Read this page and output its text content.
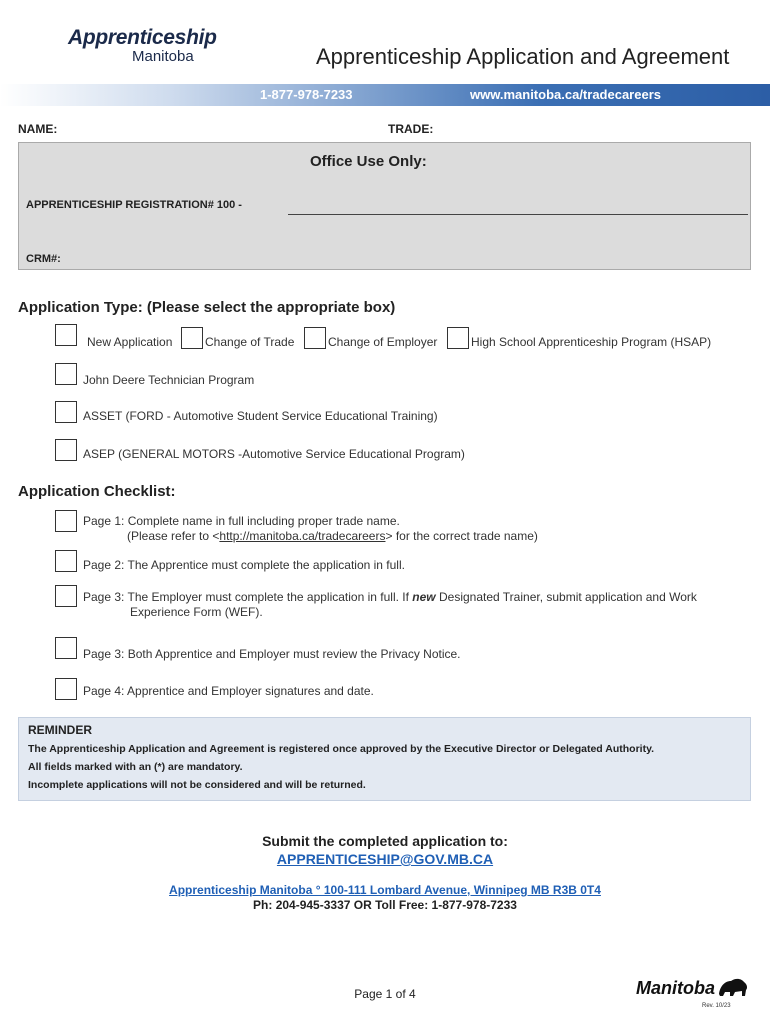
Apprenticeship
Manitoba	Apprenticeship Application and Agreement
1-877-978-7233	www.manitoba.ca/tradecareers
NAME:	TRADE:
Office Use Only:
APPRENTICESHIP REGISTRATION# 100 -
CRM#:
Application Type: (Please select the appropriate box)
New Application	Change of Trade	Change of Employer	High School Apprenticeship Program (HSAP)
John Deere Technician Program
ASSET (FORD - Automotive Student Service Educational Training)
ASEP (GENERAL MOTORS -Automotive Service Educational Program)
Application Checklist:
Page 1: Complete name in full including proper trade name.
(Please refer to <http://manitoba.ca/tradecareers> for the correct trade name)
Page 2: The Apprentice must complete the application in full.
Page 3: The Employer must complete the application in full. If new Designated Trainer, submit application and Work
Experience Form (WEF).
Page 3: Both Apprentice and Employer must review the Privacy Notice.
Page 4: Apprentice and Employer signatures and date.
REMINDER
The Apprenticeship Application and Agreement is registered once approved by the Executive Director or Delegated Authority.
All fields marked with an (*) are mandatory.
Incomplete applications will not be considered and will be returned.
Submit the completed application to:
APPRENTICESHIP@GOV.MB.CA
Apprenticeship Manitoba ° 100-111 Lombard Avenue, Winnipeg MB R3B 0T4
Ph: 204-945-3337 OR Toll Free: 1-877-978-7233
Page 1 of 4	Manitoba
Rev. 10/23
